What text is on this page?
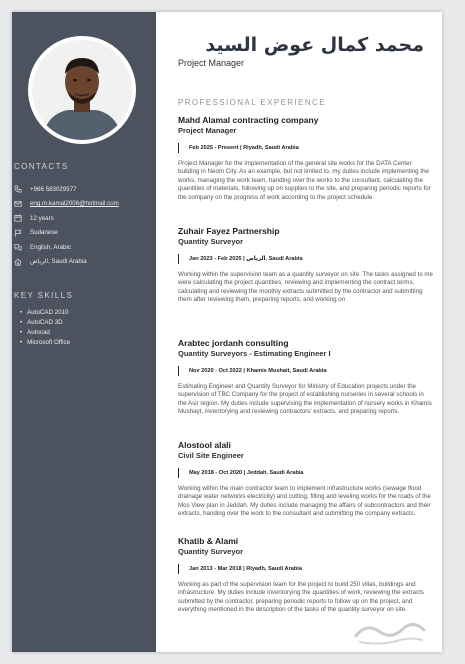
CONTACTS
+966 583029577
eng.m.kamal2006@hotmail.com
12 years
Sudanese
English, Arabic
الرياض, Saudi Arabia
KEY SKILLS
• AutoCAD 2010
• AutoCAD 3D
• Autocad
• Microsoft Office
محمد كمال عوض السيد
Project Manager
PROFESSIONAL EXPERIENCE
Mahd Alamal contracting company
Project Manager
Feb 2025 - Present | Riyadh, Saudi Arabia
Project Manager for the implementation of the general site works for the DATA Center building in Neom City. As an example, but not limited to, my duties include implementing the works, managing the work team, handing over the works to the consultant, calculating the quantities of materials, following up on supplies to the site, and preparing periodic reports for the company on the progress of work according to the project schedule.
Zuhair Fayez Partnership
Quantity Surveyor
Jan 2023 - Feb 2025 | الرياض, Saudi Arabia
Working within the supervision team as a quantity surveyor on site. The tasks assigned to me were calculating the project quantities, reviewing and implementing the contract terms, calculating and reviewing the monthly extracts submitted by the contractor and submitting them after reviewing them, preparing reports, and working on
Arabtec jordanh consulting
Quantity Surveyors - Estimating Engineer I
Nov 2020 - Oct 2022 | Khamis Mushait, Saudi Arabia
Estimating Engineer and Quantity Surveyor for Ministry of Education projects under the supervision of TBC Company for the project of establishing nurseries in several schools in the Asir region. My duties include supervising the implementation of nursery works in Khamis Mushayt, inventorying and reviewing contractors' extracts, and preparing reports.
Alostool alali
Civil Site Engineer
May 2018 - Oct 2020 | Jeddah, Saudi Arabia
Working within the main contractor team to implement infrastructure works (sewage flood drainage water networks electricity) and cutting, filling and leveling works for the roads of the Mos View plan in Jeddah. My duties include managing the affairs of subcontractors and their extracts, handing over the work to the consultant and submitting the company extracts.
Khatib & Alami
Quantity Surveyor
Jan 2013 - Mar 2018 | Riyadh, Saudi Arabia
Working as part of the supervision team for the project to build 250 villas, buildings and infrastructure. My duties include inventorying the quantities of work, reviewing the extracts submitted by the contractor, preparing periodic reports to follow up on the project, and everything mentioned in the description of the tasks of the quantity surveyor on site.
